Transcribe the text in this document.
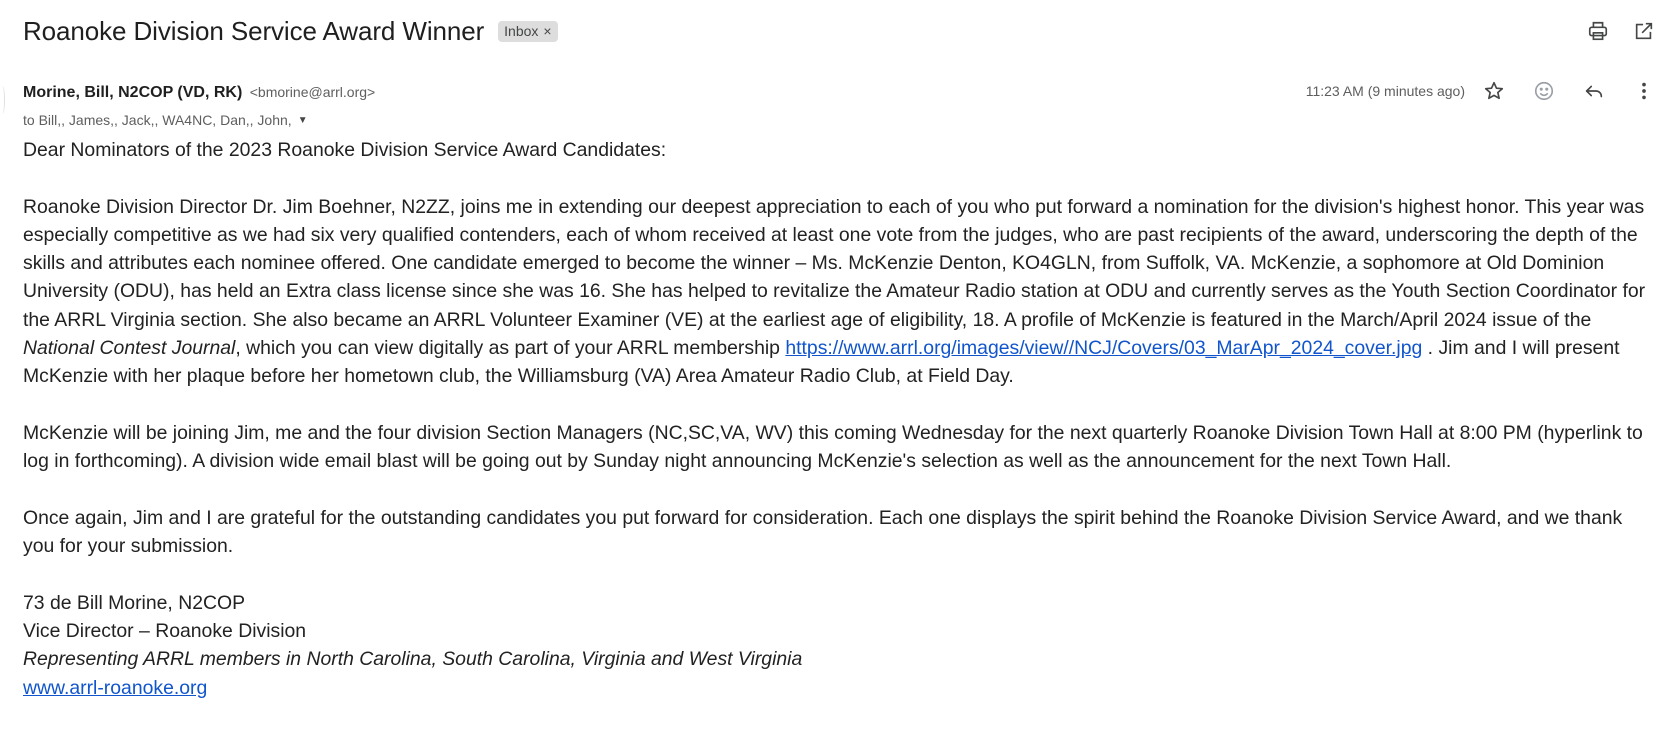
Roanoke Division Service Award Winner Inbox ×
Morine, Bill, N2COP (VD, RK) <bmorine@arrl.org>
to Bill,, James,, Jack,, WA4NC, Dan,, John, ▼
11:23 AM (9 minutes ago)

Dear Nominators of the 2023 Roanoke Division Service Award Candidates:

Roanoke Division Director Dr. Jim Boehner, N2ZZ, joins me in extending our deepest appreciation to each of you who put forward a nomination for the division's highest honor. This year was especially competitive as we had six very qualified contenders, each of whom received at least one vote from the judges, who are past recipients of the award, underscoring the depth of the skills and attributes each nominee offered. One candidate emerged to become the winner – Ms. McKenzie Denton, KO4GLN, from Suffolk, VA. McKenzie, a sophomore at Old Dominion University (ODU), has held an Extra class license since she was 16. She has helped to revitalize the Amateur Radio station at ODU and currently serves as the Youth Section Coordinator for the ARRL Virginia section. She also became an ARRL Volunteer Examiner (VE) at the earliest age of eligibility, 18. A profile of McKenzie is featured in the March/April 2024 issue of the National Contest Journal, which you can view digitally as part of your ARRL membership https://www.arrl.org/images/view//NCJ/Covers/03_MarApr_2024_cover.jpg . Jim and I will present McKenzie with her plaque before her hometown club, the Williamsburg (VA) Area Amateur Radio Club, at Field Day.

McKenzie will be joining Jim, me and the four division Section Managers (NC,SC,VA, WV) this coming Wednesday for the next quarterly Roanoke Division Town Hall at 8:00 PM (hyperlink to log in forthcoming). A division wide email blast will be going out by Sunday night announcing McKenzie's selection as well as the announcement for the next Town Hall.

Once again, Jim and I are grateful for the outstanding candidates you put forward for consideration. Each one displays the spirit behind the Roanoke Division Service Award, and we thank you for your submission.

73 de Bill Morine, N2COP

Vice Director – Roanoke Division

Representing ARRL members in North Carolina, South Carolina, Virginia and West Virginia

www.arrl-roanoke.org
